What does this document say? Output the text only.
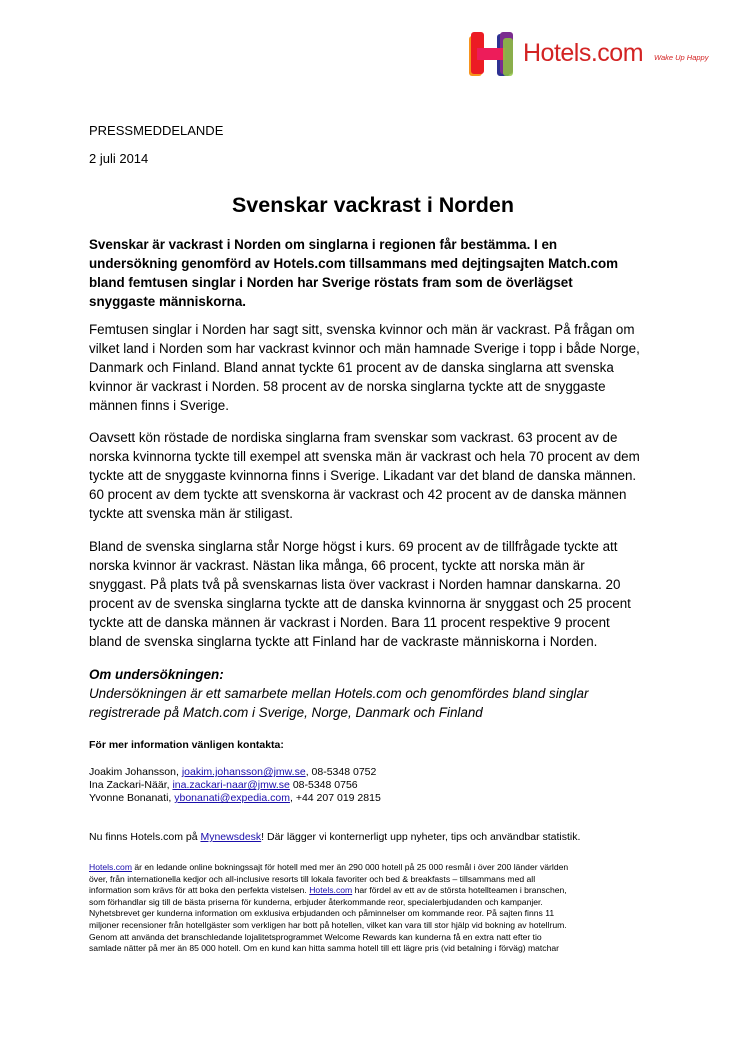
Hotels.com Wake Up Happy
PRESSMEDDELANDE
2 juli 2014
Svenskar vackrast i Norden

Svenskar är vackrast i Norden om singlarna i regionen får bestämma. I en
undersökning genomförd av Hotels.com tillsammans med dejtingsajten Match.com
bland femtusen singlar i Norden har Sverige röstats fram som de överlägset
snyggaste människorna.

Femtusen singlar i Norden har sagt sitt, svenska kvinnor och män är vackrast. På frågan om
vilket land i Norden som har vackrast kvinnor och män hamnade Sverige i topp i både Norge,
Danmark och Finland. Bland annat tyckte 61 procent av de danska singlarna att svenska
kvinnor är vackrast i Norden. 58 procent av de norska singlarna tyckte att de snyggaste
männen finns i Sverige.

Oavsett kön röstade de nordiska singlarna fram svenskar som vackrast. 63 procent av de
norska kvinnorna tyckte till exempel att svenska män är vackrast och hela 70 procent av dem
tyckte att de snyggaste kvinnorna finns i Sverige. Likadant var det bland de danska männen.
60 procent av dem tyckte att svenskorna är vackrast och 42 procent av de danska männen
tyckte att svenska män är stiligast.

Bland de svenska singlarna står Norge högst i kurs. 69 procent av de tillfrågade tyckte att
norska kvinnor är vackrast. Nästan lika många, 66 procent, tyckte att norska män är
snyggast. På plats två på svenskarnas lista över vackrast i Norden hamnar danskarna. 20
procent av de svenska singlarna tyckte att de danska kvinnorna är snyggast och 25 procent
tyckte att de danska männen är vackrast i Norden. Bara 11 procent respektive 9 procent
bland de svenska singlarna tyckte att Finland har de vackraste människorna i Norden.

Om undersökningen:
Undersökningen är ett samarbete mellan Hotels.com och genomfördes bland singlar
registrerade på Match.com i Sverige, Norge, Danmark och Finland

För mer information vänligen kontakta:
Joakim Johansson, joakim.johansson@jmw.se, 08-5348 0752
Ina Zackari-Näär, ina.zackari-naar@jmw.se 08-5348 0756
Yvonne Bonanati, ybonanati@expedia.com, +44 207 019 2815
Nu finns Hotels.com på Mynewsdesk! Där lägger vi konternerligt upp nyheter, tips och användbar statistik.

Hotels.com är en ledande online bokningssajt för hotell med mer än 290 000 hotell på 25 000 resmål i över 200 länder världen
över, från internationella kedjor och all-inclusive resorts till lokala favoriter och bed & breakfasts – tillsammans med all
information som krävs för att boka den perfekta vistelsen. Hotels.com har fördel av ett av de största hotellteamen i branschen,
som förhandlar sig till de bästa priserna för kunderna, erbjuder återkommande reor, specialerbjudanden och kampanjer.
Nyhetsbrevet ger kunderna information om exklusiva erbjudanden och påminnelser om kommande reor. På sajten finns 11
miljoner recensioner från hotellgäster som verkligen har bott på hotellen, vilket kan vara till stor hjälp vid bokning av hotellrum.
Genom att använda det branschledande lojalitetsprogrammet Welcome Rewards kan kunderna få en extra natt efter tio
samlade nätter på mer än 85 000 hotell. Om en kund kan hitta samma hotell till ett lägre pris (vid betalning i förväg) matchar
